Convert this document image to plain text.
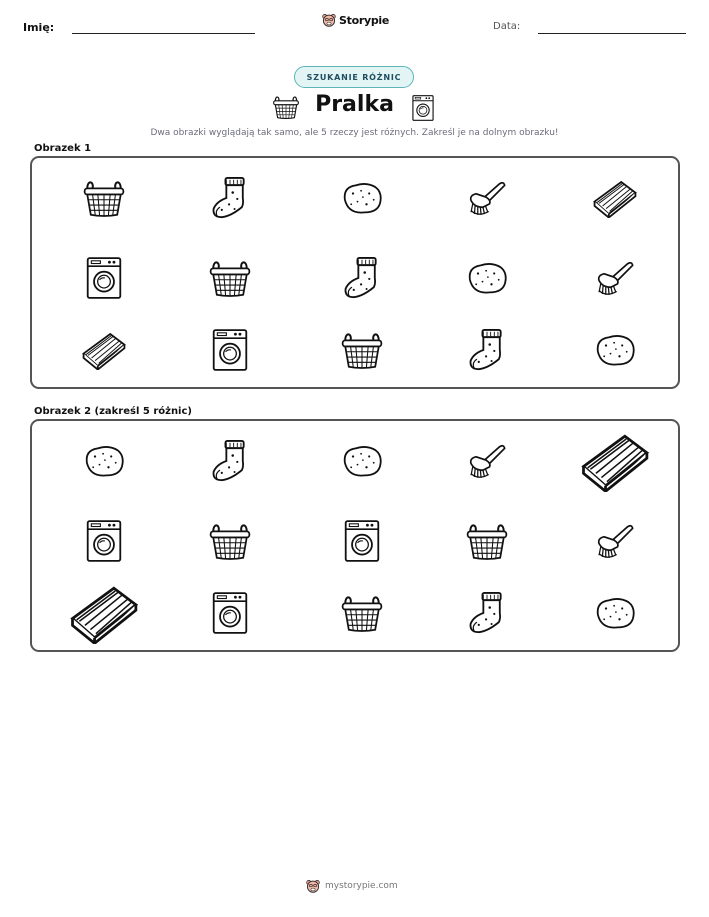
Imię:
Storypie	Data:
SZUKANIE RÓŻNIC
Pralka
Dwa obrazki wyglądają tak samo, ale 5 rzeczy jest różnych. Zakreśl je na dolnym obrazku!
Obrazek 1
Obrazek 2 (zakreśl 5 różnic)
mystorypie.com
